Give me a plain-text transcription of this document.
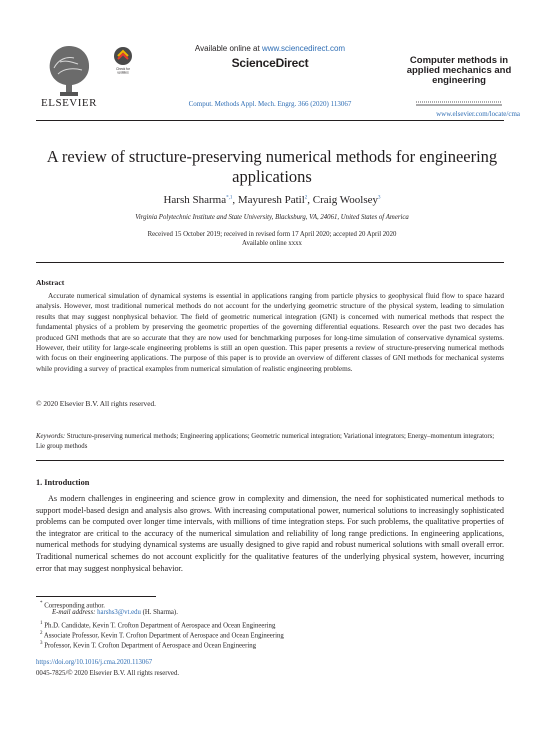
ELSEVIER
Check for
updates
Available online at www.sciencedirect.com
ScienceDirect
Comput. Methods Appl. Mech. Engrg. 366 (2020) 113067
Computer methods in applied mechanics and engineering
www.elsevier.com/locate/cma
A review of structure-preserving numerical methods for engineering applications
Harsh Sharma$^{*,1}$, Mayuresh Patil$^2$, Craig Woolsey$^3$
Virginia Polytechnic Institute and State University, Blacksburg, VA, 24061, United States of America
Received 15 October 2019; received in revised form 17 April 2020; accepted 20 April 2020
Available online xxxx
Abstract
Accurate numerical simulation of dynamical systems is essential in applications ranging from particle physics to geophysical fluid flow to space hazard analysis. However, most traditional numerical methods do not account for the underlying geometric structure of the physical system, leading to simulation results that may suggest nonphysical behavior. The field of geometric numerical integration (GNI) is concerned with numerical methods that respect the fundamental physics of a problem by preserving the geometric properties of the governing differential equations. Research over the past two decades has produced GNI methods that are so accurate that they are now used for benchmarking purposes for long-time simulation of conservative dynamical systems. However, their utility for large-scale engineering problems is still an open question. This paper presents a review of structure-preserving numerical methods with focus on their engineering applications. The purpose of this paper is to provide an overview of different classes of GNI methods for mechanical systems while providing a survey of practical examples from numerical simulation of realistic engineering problems.
© 2020 Elsevier B.V. All rights reserved.
Keywords: Structure-preserving numerical methods; Engineering applications; Geometric numerical integration; Variational integrators; Energy–momentum integrators; Lie group methods
1. Introduction
As modern challenges in engineering and science grow in complexity and dimension, the need for sophisticated numerical methods to support model-based design and analysis also grows. With increasing computational power, numerical solutions to increasingly sophisticated problems can be computed over longer time intervals, with millions of time integration steps. For such problems, the qualitative properties of the integrator are critical to the accuracy of the numerical simulation and reliability of long range predictions. In engineering applications, numerical methods for studying dynamical systems are usually designed to give rapid and robust numerical solutions with small overall error. Traditional numerical schemes do not account explicitly for the qualitative features of the underlying physical system, however, incurring error that may suggest nonphysical behavior.
* Corresponding author.
E-mail address: harshs3@vt.edu (H. Sharma).
$^1$ Ph.D. Candidate, Kevin T. Crofton Department of Aerospace and Ocean Engineering
$^2$ Associate Professor, Kevin T. Crofton Department of Aerospace and Ocean Engineering
$^3$ Professor, Kevin T. Crofton Department of Aerospace and Ocean Engineering
https://doi.org/10.1016/j.cma.2020.113067
0045-7825/© 2020 Elsevier B.V. All rights reserved.
